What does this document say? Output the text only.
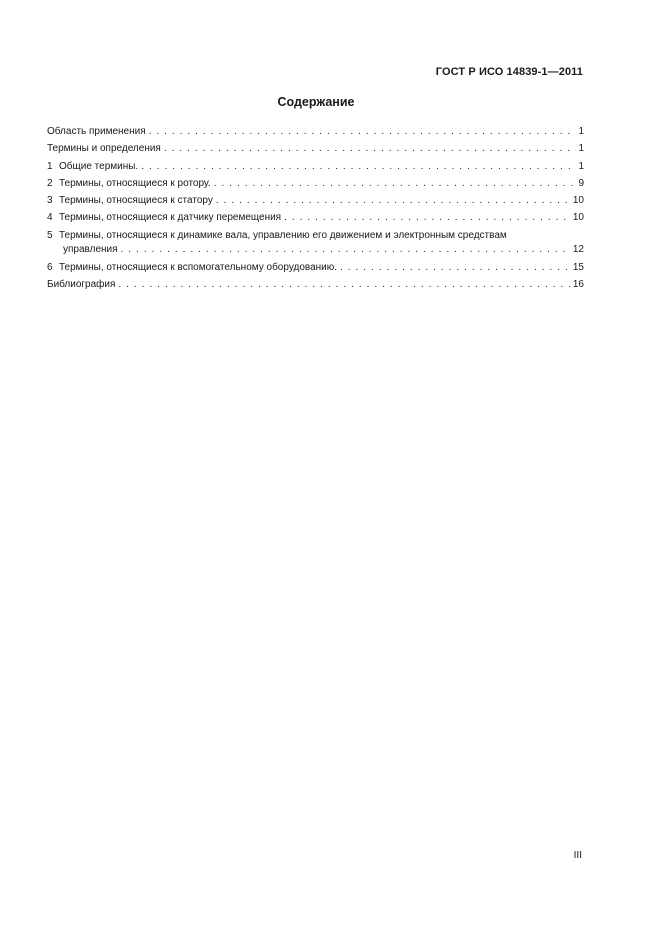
ГОСТ Р ИСО 14839-1—2011
Содержание
Область применения . . .	1
Термины и определения . . .	1
1 Общие термины. . . .	1
2 Термины, относящиеся к ротору. . . .	9
3 Термины, относящиеся к статору . . .	10
4 Термины, относящиеся к датчику перемещения . . .	10
5 Термины, относящиеся к динамике вала, управлению его движением и электронным средствам
управления . . .	12
6 Термины, относящиеся к вспомогательному оборудованию. . . .	15
Библиография . . .	16
III
